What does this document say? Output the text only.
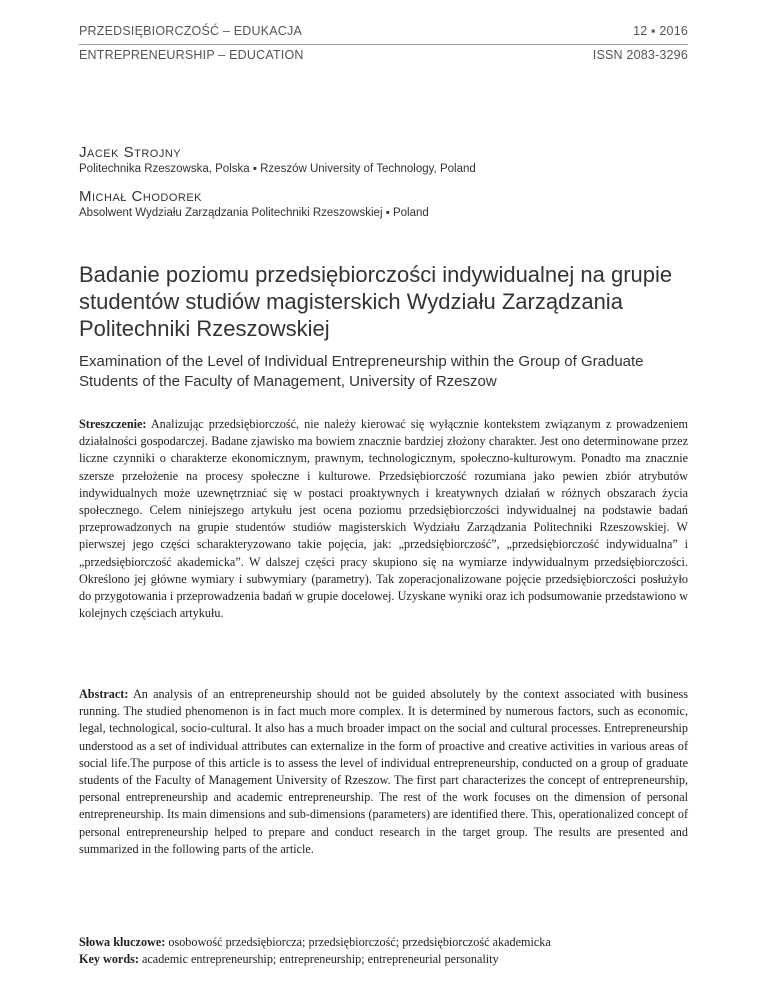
PRZEDSIĘBIORCZOŚĆ – EDUKACJA
ENTREPRENEURSHIP – EDUCATION
12 ▪ 2016
ISSN 2083-3296
Jacek Strojny
Politechnika Rzeszowska, Polska ▪ Rzeszów University of Technology, Poland
Michał Chodorek
Absolwent Wydziału Zarządzania Politechniki Rzeszowskiej ▪ Poland
Badanie poziomu przedsiębiorczości indywidualnej na grupie studentów studiów magisterskich Wydziału Zarządzania Politechniki Rzeszowskiej
Examination of the Level of Individual Entrepreneurship within the Group of Graduate Students of the Faculty of Management, University of Rzeszow

Streszczenie: Analizując przedsiębiorczość, nie należy kierować się wyłącznie kontekstem związanym z prowadzeniem działalności gospodarczej. Badane zjawisko ma bowiem znacznie bardziej złożony charakter. Jest ono determinowane przez liczne czynniki o charakterze ekonomicznym, prawnym, technologicznym, społeczno-kulturowym. Ponadto ma znacznie szersze przełożenie na procesy społeczne i kulturowe. Przedsiębiorczość rozumiana jako pewien zbiór atrybutów indywidualnych może uzewnętrzniać się w postaci proaktywnych i kreatywnych działań w różnych obszarach życia społecznego. Celem niniejszego artykułu jest ocena poziomu przedsiębiorczości indywidualnej na podstawie badań przeprowadzonych na grupie studentów studiów magisterskich Wydziału Zarządzania Politechniki Rzeszowskiej. W pierwszej jego części scharakteryzowano takie pojęcia, jak: „przedsiębiorczość”, „przedsiębiorczość indywidualna” i „przedsiębiorczość akademicka”. W dalszej części pracy skupiono się na wymiarze indywidualnym przedsiębiorczości. Określono jej główne wymiary i subwymiary (parametry). Tak zoperacjonalizowane pojęcie przedsiębiorczości posłużyło do przygotowania i przeprowadzenia badań w grupie docelowej. Uzyskane wyniki oraz ich podsumowanie przedstawiono w kolejnych częściach artykułu.

Abstract: An analysis of an entrepreneurship should not be guided absolutely by the context associated with business running. The studied phenomenon is in fact much more complex. It is determined by numerous factors, such as economic, legal, technological, socio-cultural. It also has a much broader impact on the social and cultural processes. Entrepreneurship understood as a set of individual attributes can externalize in the form of proactive and creative activities in various areas of social life.The purpose of this article is to assess the level of individual entrepreneurship, conducted on a group of graduate students of the Faculty of Management University of Rzeszow. The first part characterizes the concept of entrepreneurship, personal entrepreneurship and academic entrepreneurship. The rest of the work focuses on the dimension of personal entrepreneurship. Its main dimensions and sub-dimensions (parameters) are identified there. This, operationalized concept of personal entrepreneurship helped to prepare and conduct research in the target group. The results are presented and summarized in the following parts of the article.

Słowa kluczowe: osobowość przedsiębiorcza; przedsiębiorczość; przedsiębiorczość akademicka

Key words: academic entrepreneurship; entrepreneurship; entrepreneurial personality
